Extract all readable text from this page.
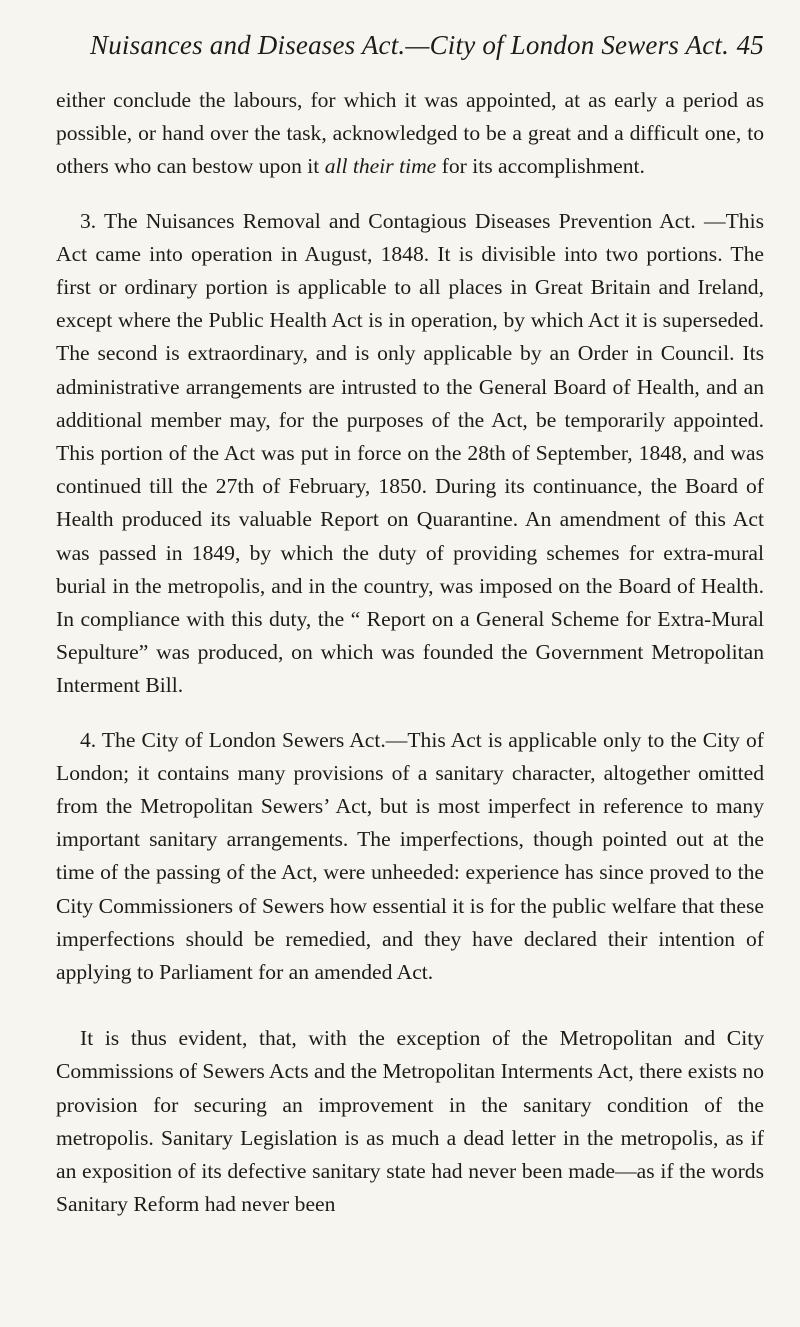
Nuisances and Diseases Act.—City of London Sewers Act. 45

either conclude the labours, for which it was appointed, at as early a period as possible, or hand over the task, acknowledged to be a great and a difficult one, to others who can bestow upon it all their time for its accomplishment.

3. The Nuisances Removal and Contagious Diseases Prevention Act. —This Act came into operation in August, 1848. It is divisible into two portions. The first or ordinary portion is applicable to all places in Great Britain and Ireland, except where the Public Health Act is in operation, by which Act it is superseded. The second is extraordinary, and is only applicable by an Order in Council. Its administrative arrangements are intrusted to the General Board of Health, and an additional member may, for the purposes of the Act, be temporarily appointed. This portion of the Act was put in force on the 28th of September, 1848, and was continued till the 27th of February, 1850. During its continuance, the Board of Health produced its valuable Report on Quarantine. An amendment of this Act was passed in 1849, by which the duty of providing schemes for extra-mural burial in the metropolis, and in the country, was imposed on the Board of Health. In compliance with this duty, the “ Report on a General Scheme for Extra-Mural Sepulture” was produced, on which was founded the Government Metropolitan Interment Bill.

4. The City of London Sewers Act.—This Act is applicable only to the City of London; it contains many provisions of a sanitary character, altogether omitted from the Metropolitan Sewers’ Act, but is most imperfect in reference to many important sanitary arrangements. The imperfections, though pointed out at the time of the passing of the Act, were unheeded: experience has since proved to the City Commissioners of Sewers how essential it is for the public welfare that these imperfections should be remedied, and they have declared their intention of applying to Parliament for an amended Act.

It is thus evident, that, with the exception of the Metropolitan and City Commissions of Sewers Acts and the Metropolitan Interments Act, there exists no provision for securing an improvement in the sanitary condition of the metropolis. Sanitary Legislation is as much a dead letter in the metropolis, as if an exposition of its defective sanitary state had never been made—as if the words Sanitary Reform had never been
